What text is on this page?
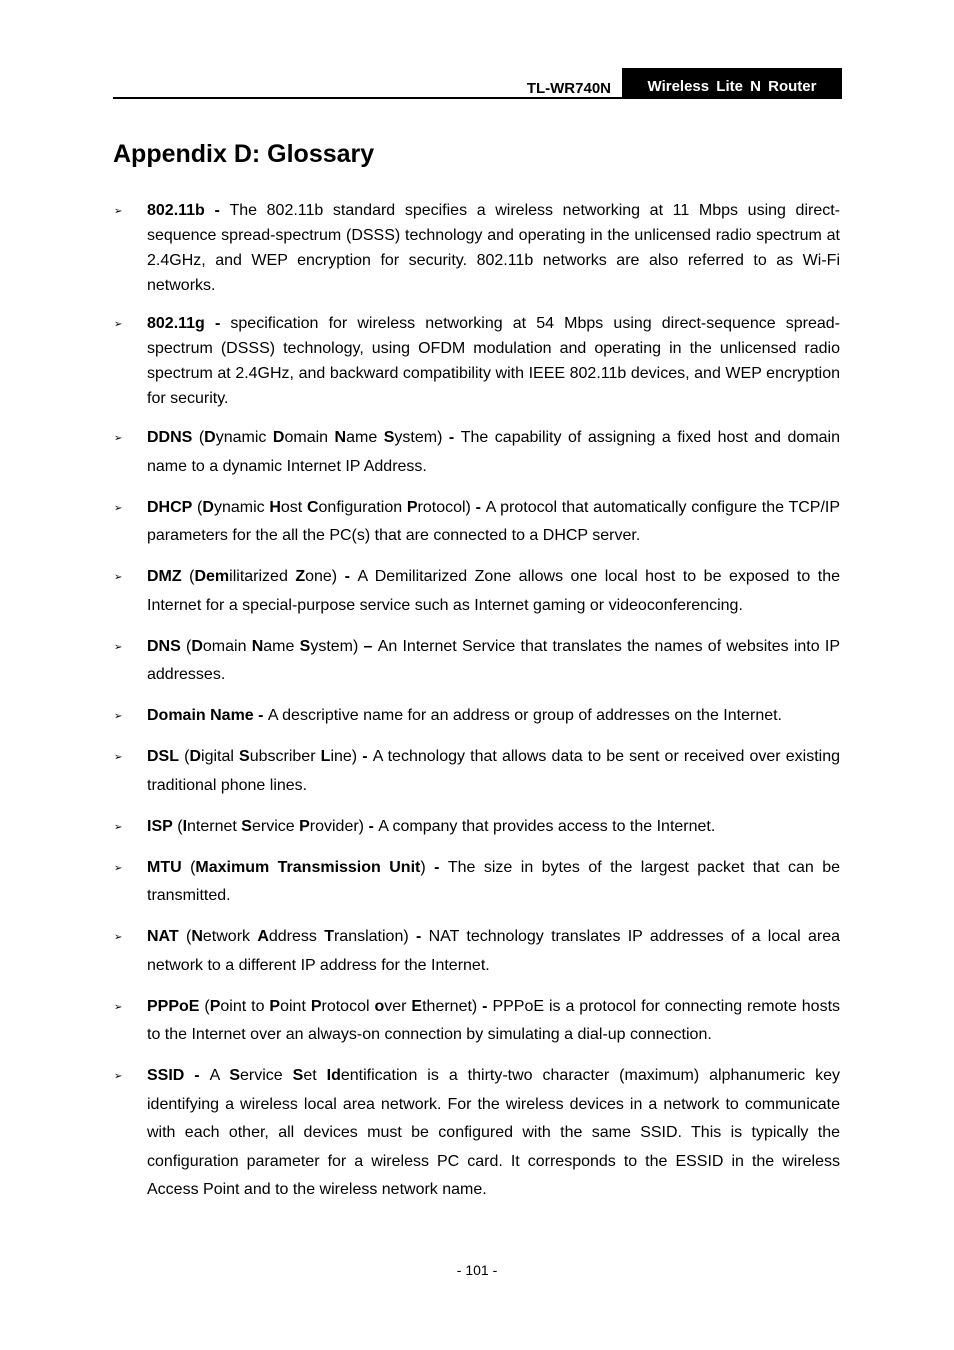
TL-WR740N	Wireless Lite N Router
Appendix D: Glossary
➢ 802.11b - The 802.11b standard specifies a wireless networking at 11 Mbps using direct-sequence spread-spectrum (DSSS) technology and operating in the unlicensed radio spectrum at 2.4GHz, and WEP encryption for security. 802.11b networks are also referred to as Wi-Fi networks.
➢ 802.11g - specification for wireless networking at 54 Mbps using direct-sequence spread-spectrum (DSSS) technology, using OFDM modulation and operating in the unlicensed radio spectrum at 2.4GHz, and backward compatibility with IEEE 802.11b devices, and WEP encryption for security.
➢ DDNS (Dynamic Domain Name System) - The capability of assigning a fixed host and domain name to a dynamic Internet IP Address.
➢ DHCP (Dynamic Host Configuration Protocol) - A protocol that automatically configure the TCP/IP parameters for the all the PC(s) that are connected to a DHCP server.
➢ DMZ (Demilitarized Zone) - A Demilitarized Zone allows one local host to be exposed to the Internet for a special-purpose service such as Internet gaming or videoconferencing.
➢ DNS (Domain Name System) – An Internet Service that translates the names of websites into IP addresses.
➢ Domain Name - A descriptive name for an address or group of addresses on the Internet.
➢ DSL (Digital Subscriber Line) - A technology that allows data to be sent or received over existing traditional phone lines.
➢ ISP (Internet Service Provider) - A company that provides access to the Internet.
➢ MTU (Maximum Transmission Unit) - The size in bytes of the largest packet that can be transmitted.
➢ NAT (Network Address Translation) - NAT technology translates IP addresses of a local area network to a different IP address for the Internet.
➢ PPPoE (Point to Point Protocol over Ethernet) - PPPoE is a protocol for connecting remote hosts to the Internet over an always-on connection by simulating a dial-up connection.
➢ SSID - A Service Set Identification is a thirty-two character (maximum) alphanumeric key identifying a wireless local area network. For the wireless devices in a network to communicate with each other, all devices must be configured with the same SSID. This is typically the configuration parameter for a wireless PC card. It corresponds to the ESSID in the wireless Access Point and to the wireless network name.
- 101 -
